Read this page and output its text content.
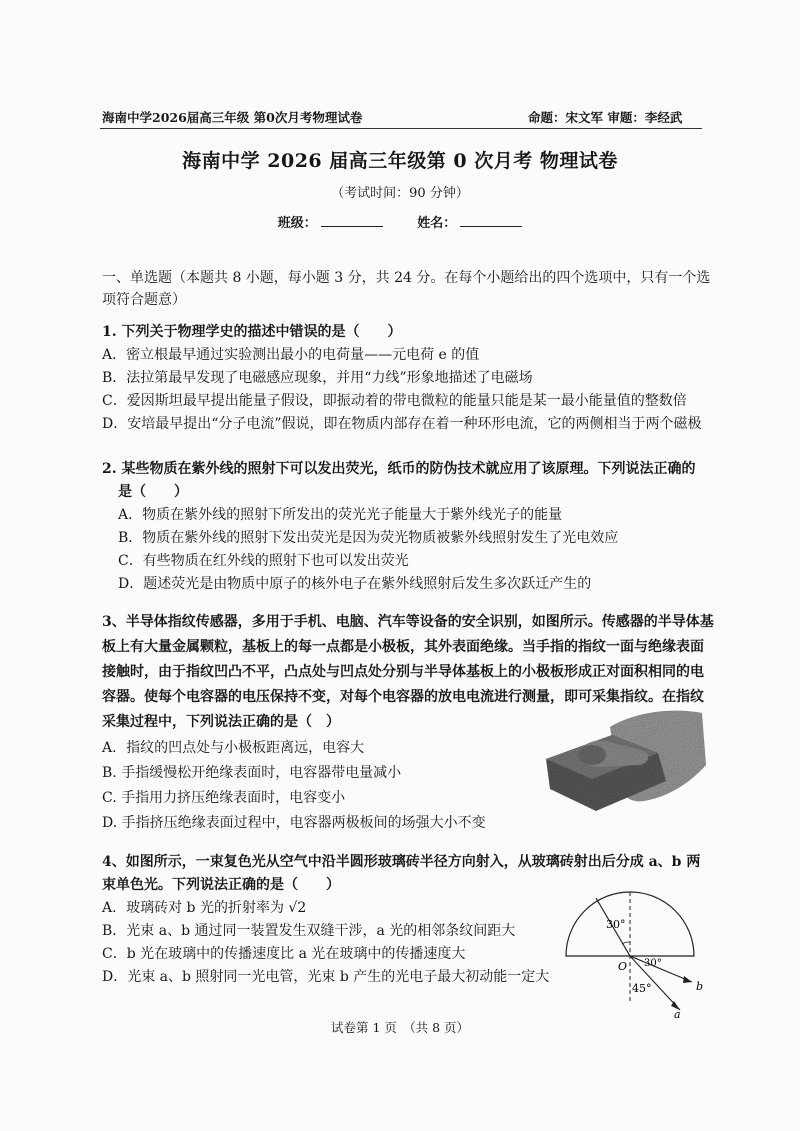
海南中学2026届高三年级 第0次月考物理试卷	命题：宋文军 审题：李经武
海南中学 2026 届高三年级第 0 次月考 物理试卷
（考试时间：90 分钟）
班级：	姓名：
一、单选题（本题共 8 小题，每小题 3 分，共 24 分。在每个小题给出的四个选项中，只有一个选
项符合题意）
1. 下列关于物理学史的描述中错误的是（　　）
A．密立根最早通过实验测出最小的电荷量——元电荷 e 的值
B．法拉第最早发现了电磁感应现象，并用“力线”形象地描述了电磁场
C．爱因斯坦最早提出能量子假设，即振动着的带电微粒的能量只能是某一最小能量值的整数倍
D．安培最早提出“分子电流”假说，即在物质内部存在着一种环形电流，它的两侧相当于两个磁极
2. 某些物质在紫外线的照射下可以发出荧光，纸币的防伪技术就应用了该原理。下列说法正确的
是（　　）
A．物质在紫外线的照射下所发出的荧光光子能量大于紫外线光子的能量
B．物质在紫外线的照射下发出荧光是因为荧光物质被紫外线照射发生了光电效应
C．有些物质在红外线的照射下也可以发出荧光
D．题述荧光是由物质中原子的核外电子在紫外线照射后发生多次跃迁产生的
3、半导体指纹传感器，多用于手机、电脑、汽车等设备的安全识别，如图所示。传感器的半导体基
板上有大量金属颗粒，基板上的每一点都是小极板，其外表面绝缘。当手指的指纹一面与绝缘表面
接触时，由于指纹凹凸不平，凸点处与凹点处分别与半导体基板上的小极板形成正对面积相同的电
容器。使每个电容器的电压保持不变，对每个电容器的放电电流进行测量，即可采集指纹。在指纹
采集过程中，下列说法正确的是（　）
A．指纹的凹点处与小极板距离远，电容大
B. 手指缓慢松开绝缘表面时，电容器带电量减小
C. 手指用力挤压绝缘表面时，电容变小
D. 手指挤压绝缘表面过程中，电容器两极板间的场强大小不变
4、如图所示，一束复色光从空气中沿半圆形玻璃砖半径方向射入，从玻璃砖射出后分成 a、b 两
束单色光。下列说法正确的是（　　）
A．玻璃砖对 b 光的折射率为 √2
B．光束 a、b 通过同一装置发生双缝干涉，a 光的相邻条纹间距大
C．b 光在玻璃中的传播速度比 a 光在玻璃中的传播速度大
D．光束 a、b 照射同一光电管，光束 b 产生的光电子最大初动能一定大
30°
30°
45°
O
b
a
试卷第 1 页　（共 8 页）
